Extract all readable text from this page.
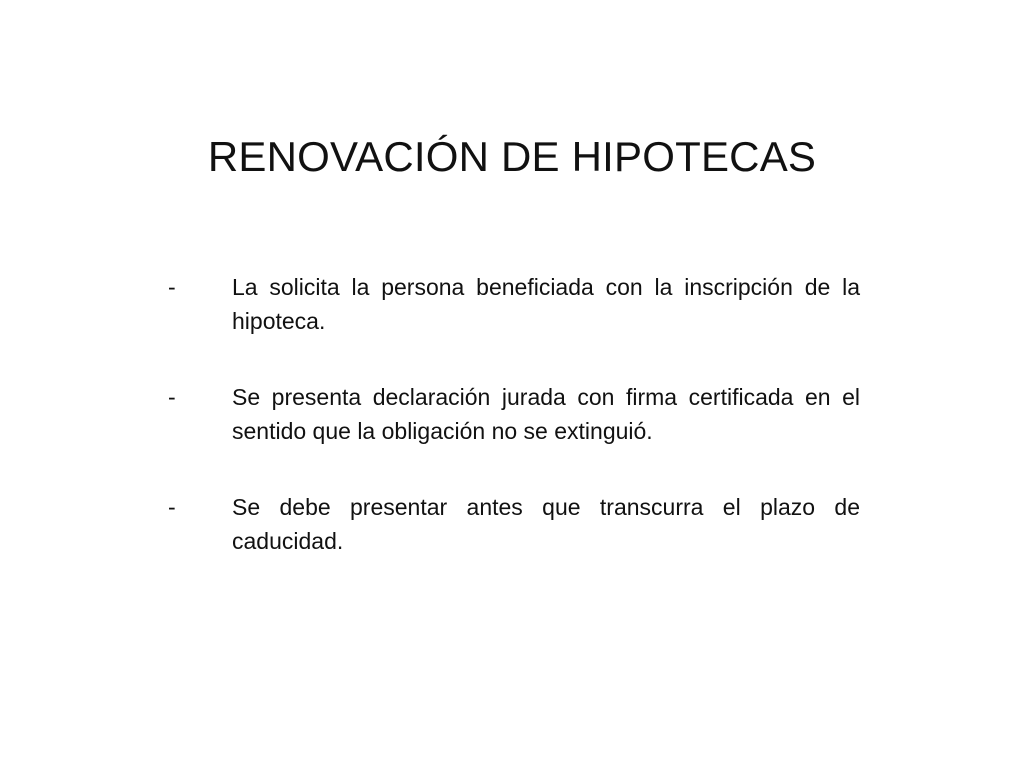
RENOVACIÓN DE HIPOTECAS
- La solicita la persona beneficiada con la inscripción de la hipoteca.
- Se presenta declaración jurada con firma certificada en el sentido que la obligación no se extinguió.
- Se debe presentar antes que transcurra el plazo de caducidad.
